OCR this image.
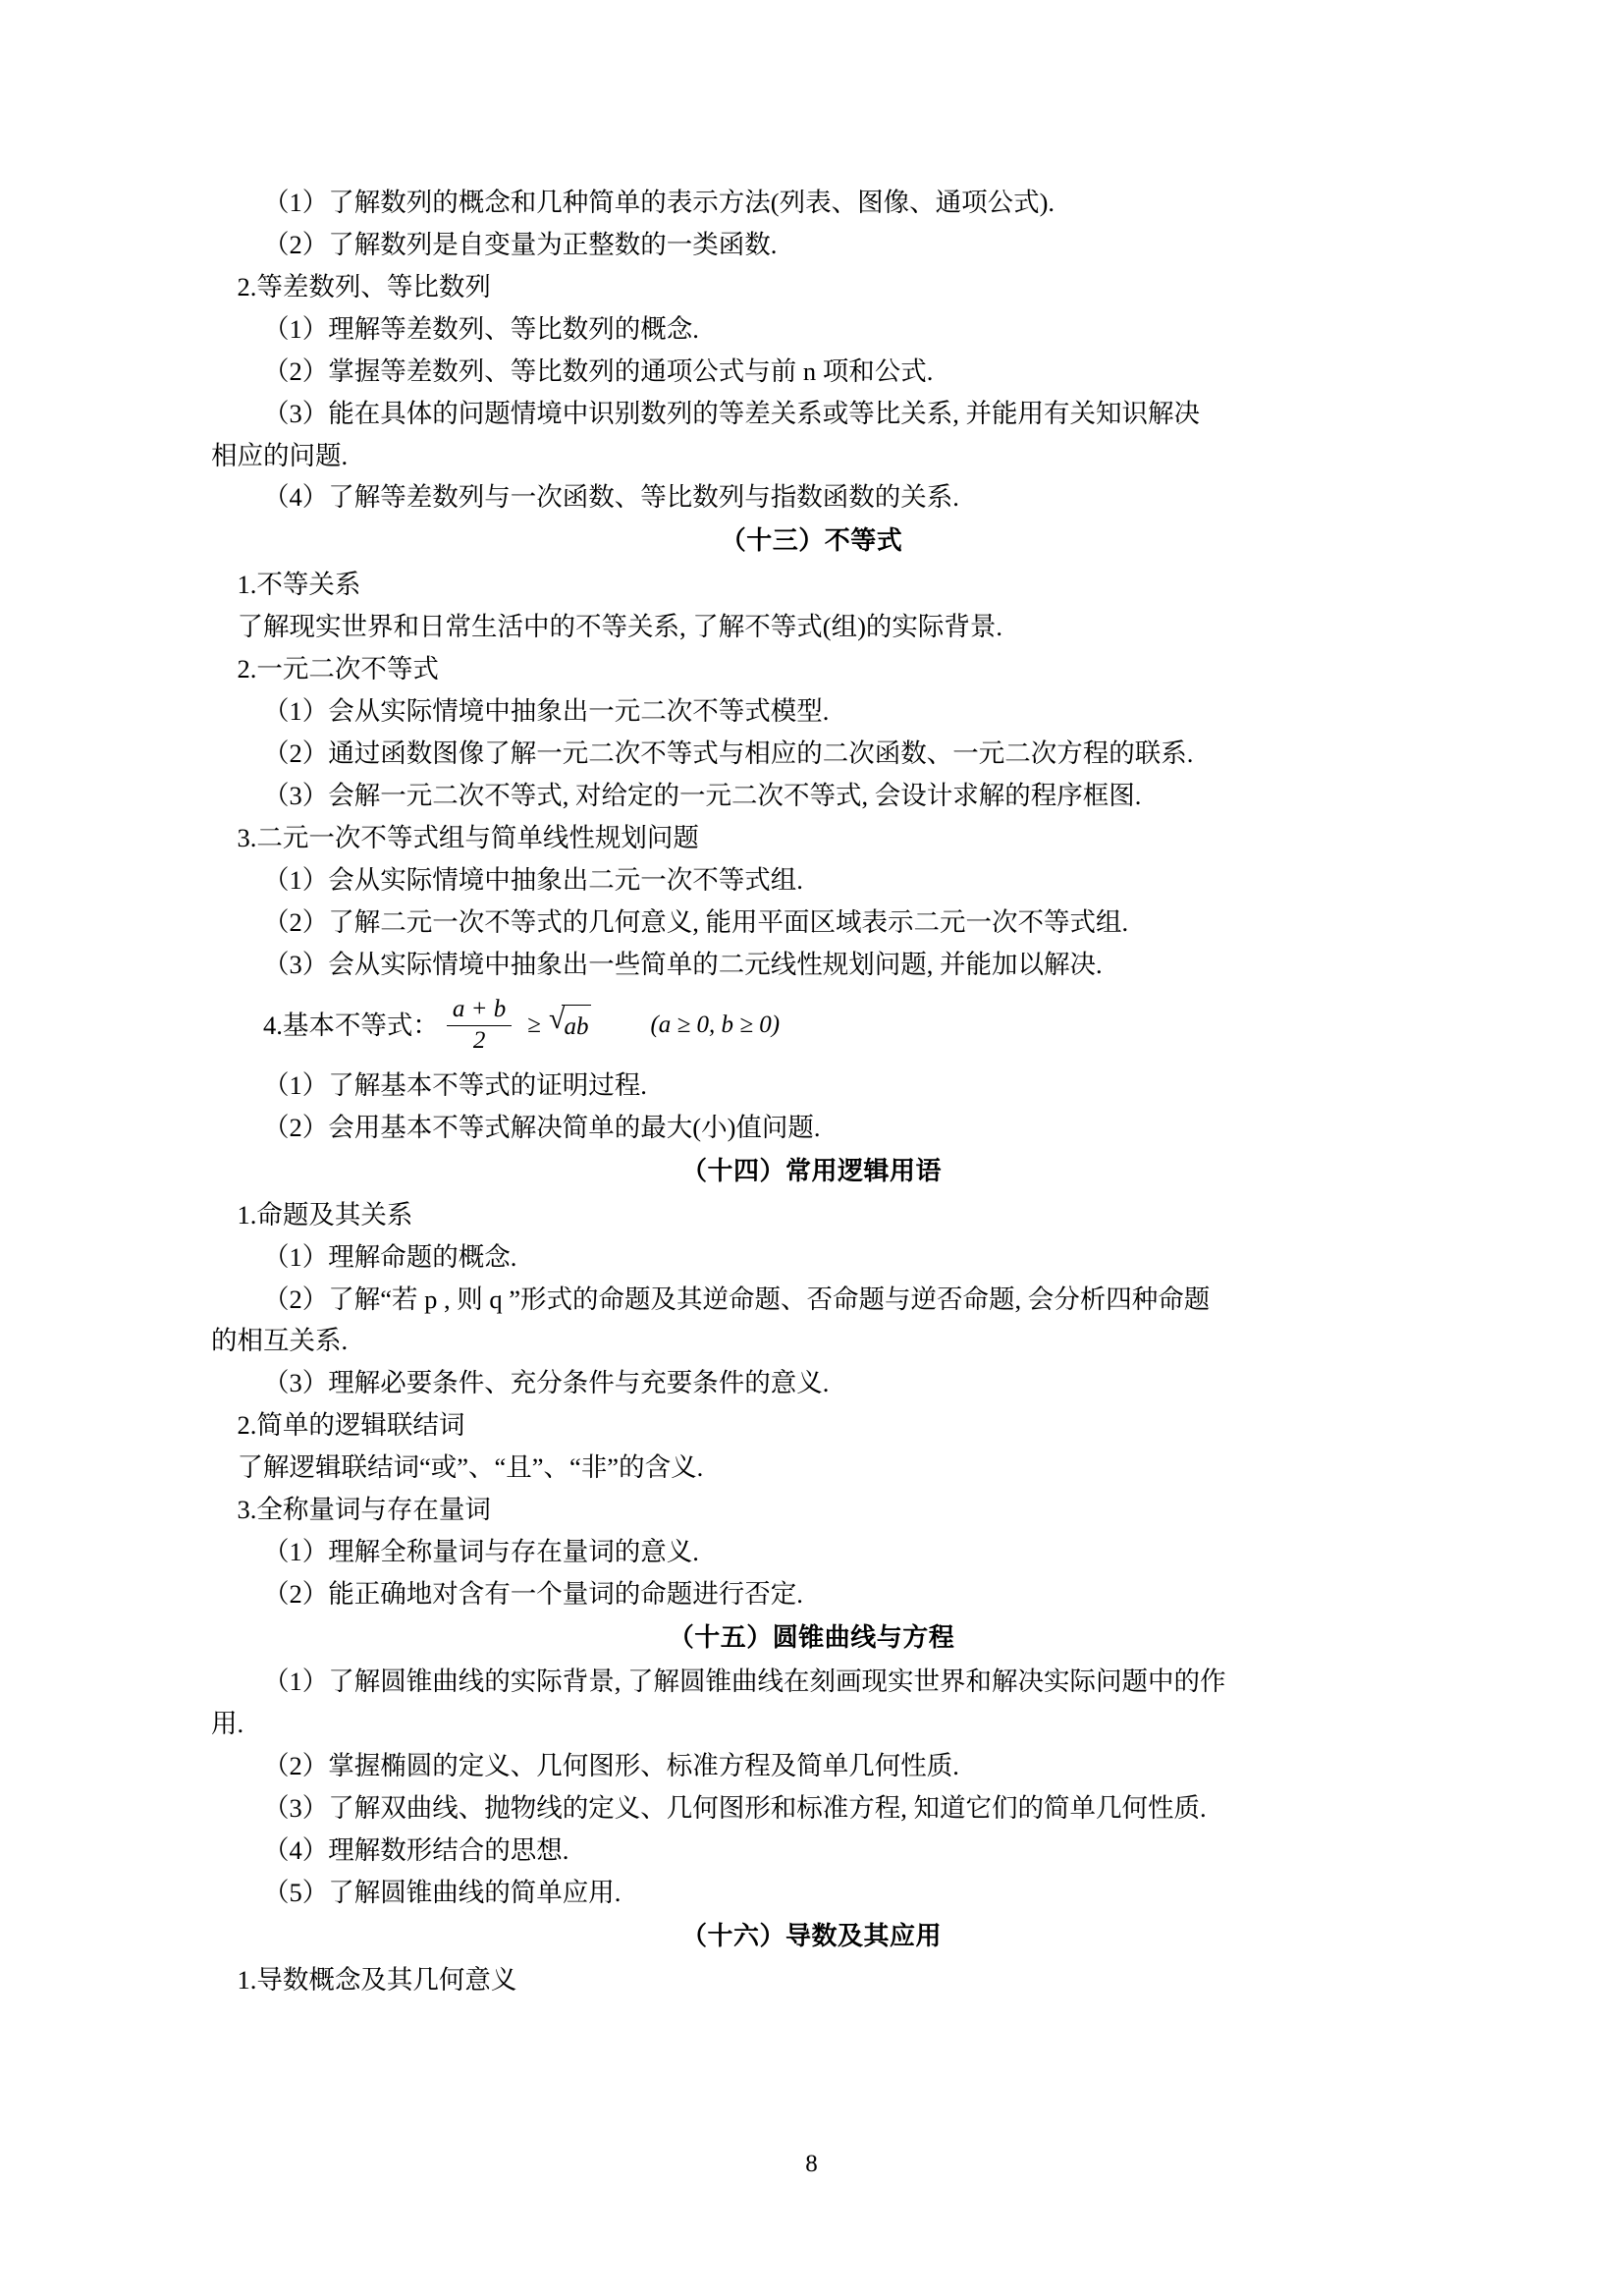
（1）了解数列的概念和几种简单的表示方法(列表、图像、通项公式).

（2）了解数列是自变量为正整数的一类函数.

2.等差数列、等比数列

（1）理解等差数列、等比数列的概念.

（2）掌握等差数列、等比数列的通项公式与前 n 项和公式.

（3）能在具体的问题情境中识别数列的等差关系或等比关系, 并能用有关知识解决

相应的问题.

（4）了解等差数列与一次函数、等比数列与指数函数的关系.

（十三）不等式

1.不等关系

了解现实世界和日常生活中的不等关系, 了解不等式(组)的实际背景.

2.一元二次不等式

（1）会从实际情境中抽象出一元二次不等式模型.

（2）通过函数图像了解一元二次不等式与相应的二次函数、一元二次方程的联系.

（3）会解一元二次不等式, 对给定的一元二次不等式, 会设计求解的程序框图.

3.二元一次不等式组与简单线性规划问题

（1）会从实际情境中抽象出二元一次不等式组.

（2）了解二元一次不等式的几何意义, 能用平面区域表示二元一次不等式组.

（3）会从实际情境中抽象出一些简单的二元线性规划问题, 并能加以解决.

4.基本不等式： $\frac{a + b}{2}$ ≥ √ ab	(a ≥ 0, b ≥ 0)

（1）了解基本不等式的证明过程.

（2）会用基本不等式解决简单的最大(小)值问题.

（十四）常用逻辑用语

1.命题及其关系

（1）理解命题的概念.

（2）了解“若 p , 则 q ”形式的命题及其逆命题、否命题与逆否命题, 会分析四种命题

的相互关系.

（3）理解必要条件、充分条件与充要条件的意义.

2.简单的逻辑联结词

了解逻辑联结词“或”、“且”、“非”的含义.

3.全称量词与存在量词

（1）理解全称量词与存在量词的意义.

（2）能正确地对含有一个量词的命题进行否定.

（十五）圆锥曲线与方程

（1）了解圆锥曲线的实际背景, 了解圆锥曲线在刻画现实世界和解决实际问题中的作

用.

（2）掌握椭圆的定义、几何图形、标准方程及简单几何性质.

（3）了解双曲线、抛物线的定义、几何图形和标准方程, 知道它们的简单几何性质.

（4）理解数形结合的思想.

（5）了解圆锥曲线的简单应用.

（十六）导数及其应用

1.导数概念及其几何意义

8
